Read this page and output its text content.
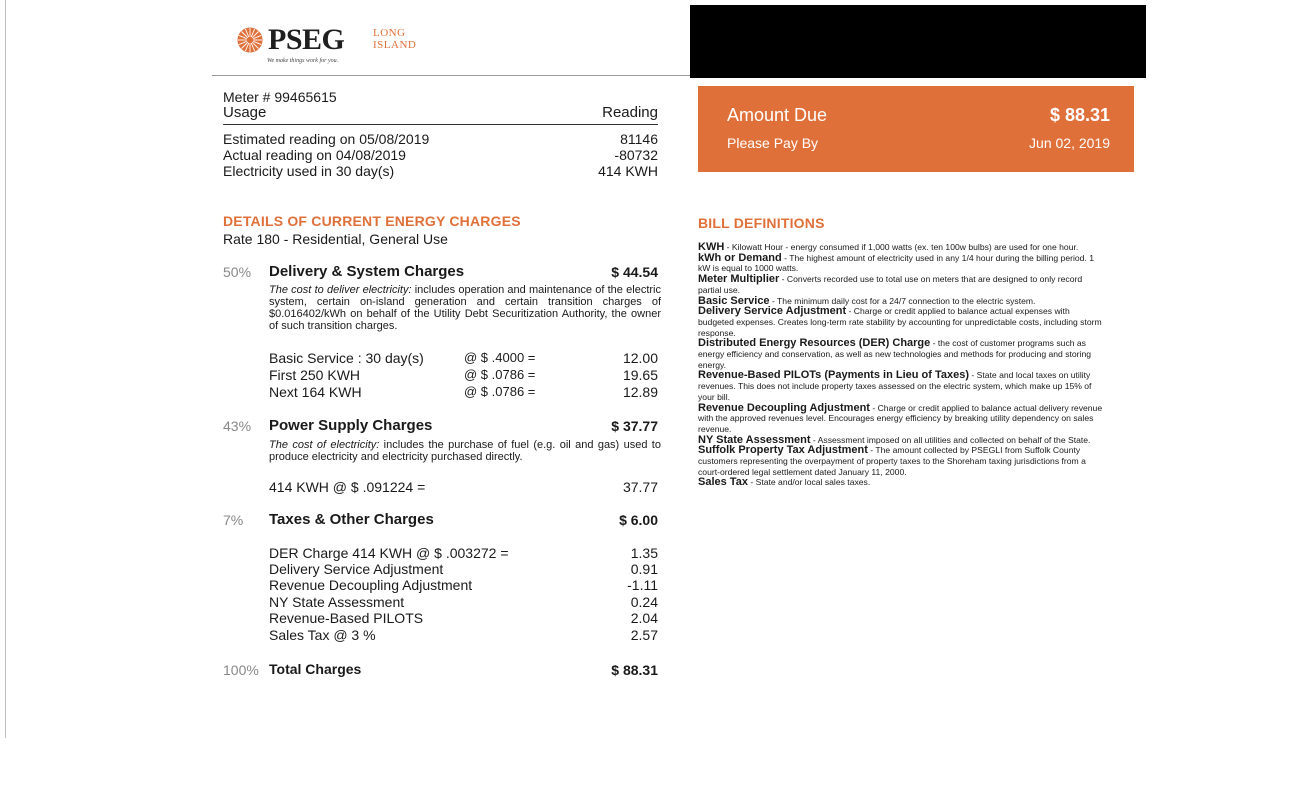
PSEG	LONG
ISLAND
We make things work for you.
Amount Due	$ 88.31
Please Pay By	Jun 02, 2019
Meter # 99465615
Usage	Reading
Estimated reading on 05/08/2019	81146
Actual reading on 04/08/2019	-80732
Electricity used in 30 day(s)	414 KWH
DETAILS OF CURRENT ENERGY CHARGES
Rate 180 - Residential, General Use
50% Delivery & System Charges	$ 44.54
The cost to deliver electricity: includes operation and maintenance of the electric system, certain on-island generation and certain transition charges of $0.016402/kWh on behalf of the Utility Debt Securitization Authority, the owner of such transition charges.
Basic Service : 30 day(s)	@ $ .4000 =	12.00
First 250 KWH	@ $ .0786 =	19.65
Next 164 KWH	@ $ .0786 =	12.89
43% Power Supply Charges	$ 37.77
The cost of electricity: includes the purchase of fuel (e.g. oil and gas) used to produce electricity and electricity purchased directly.
414 KWH @ $ .091224 =	37.77
7% Taxes & Other Charges	$ 6.00
DER Charge 414 KWH @ $ .003272 =	1.35
Delivery Service Adjustment	0.91
Revenue Decoupling Adjustment	-1.11
NY State Assessment	0.24
Revenue-Based PILOTS	2.04
Sales Tax @ 3 %	2.57
100% Total Charges	$ 88.31
BILL DEFINITIONS

KWH - Kilowatt Hour - energy consumed if 1,000 watts (ex. ten 100w bulbs) are used for one hour.

kWh or Demand - The highest amount of electricity used in any 1/4 hour during the billing period. 1 kW is equal to 1000 watts.

Meter Multiplier - Converts recorded use to total use on meters that are designed to only record partial use.

Basic Service - The minimum daily cost for a 24/7 connection to the electric system.

Delivery Service Adjustment - Charge or credit applied to balance actual expenses with budgeted expenses. Creates long-term rate stability by accounting for unpredictable costs, including storm response.

Distributed Energy Resources (DER) Charge - the cost of customer programs such as energy efficiency and conservation, as well as new technologies and methods for producing and storing energy.

Revenue-Based PILOTs (Payments in Lieu of Taxes) - State and local taxes on utility revenues. This does not include property taxes assessed on the electric system, which make up 15% of your bill.

Revenue Decoupling Adjustment - Charge or credit applied to balance actual delivery revenue with the approved revenues level. Encourages energy efficiency by breaking utility dependency on sales revenue.

NY State Assessment - Assessment imposed on all utilities and collected on behalf of the State.

Suffolk Property Tax Adjustment - The amount collected by PSEGLI from Suffolk County customers representing the overpayment of property taxes to the Shoreham taxing jurisdictions from a court-ordered legal settlement dated January 11, 2000.

Sales Tax - State and/or local sales taxes.
